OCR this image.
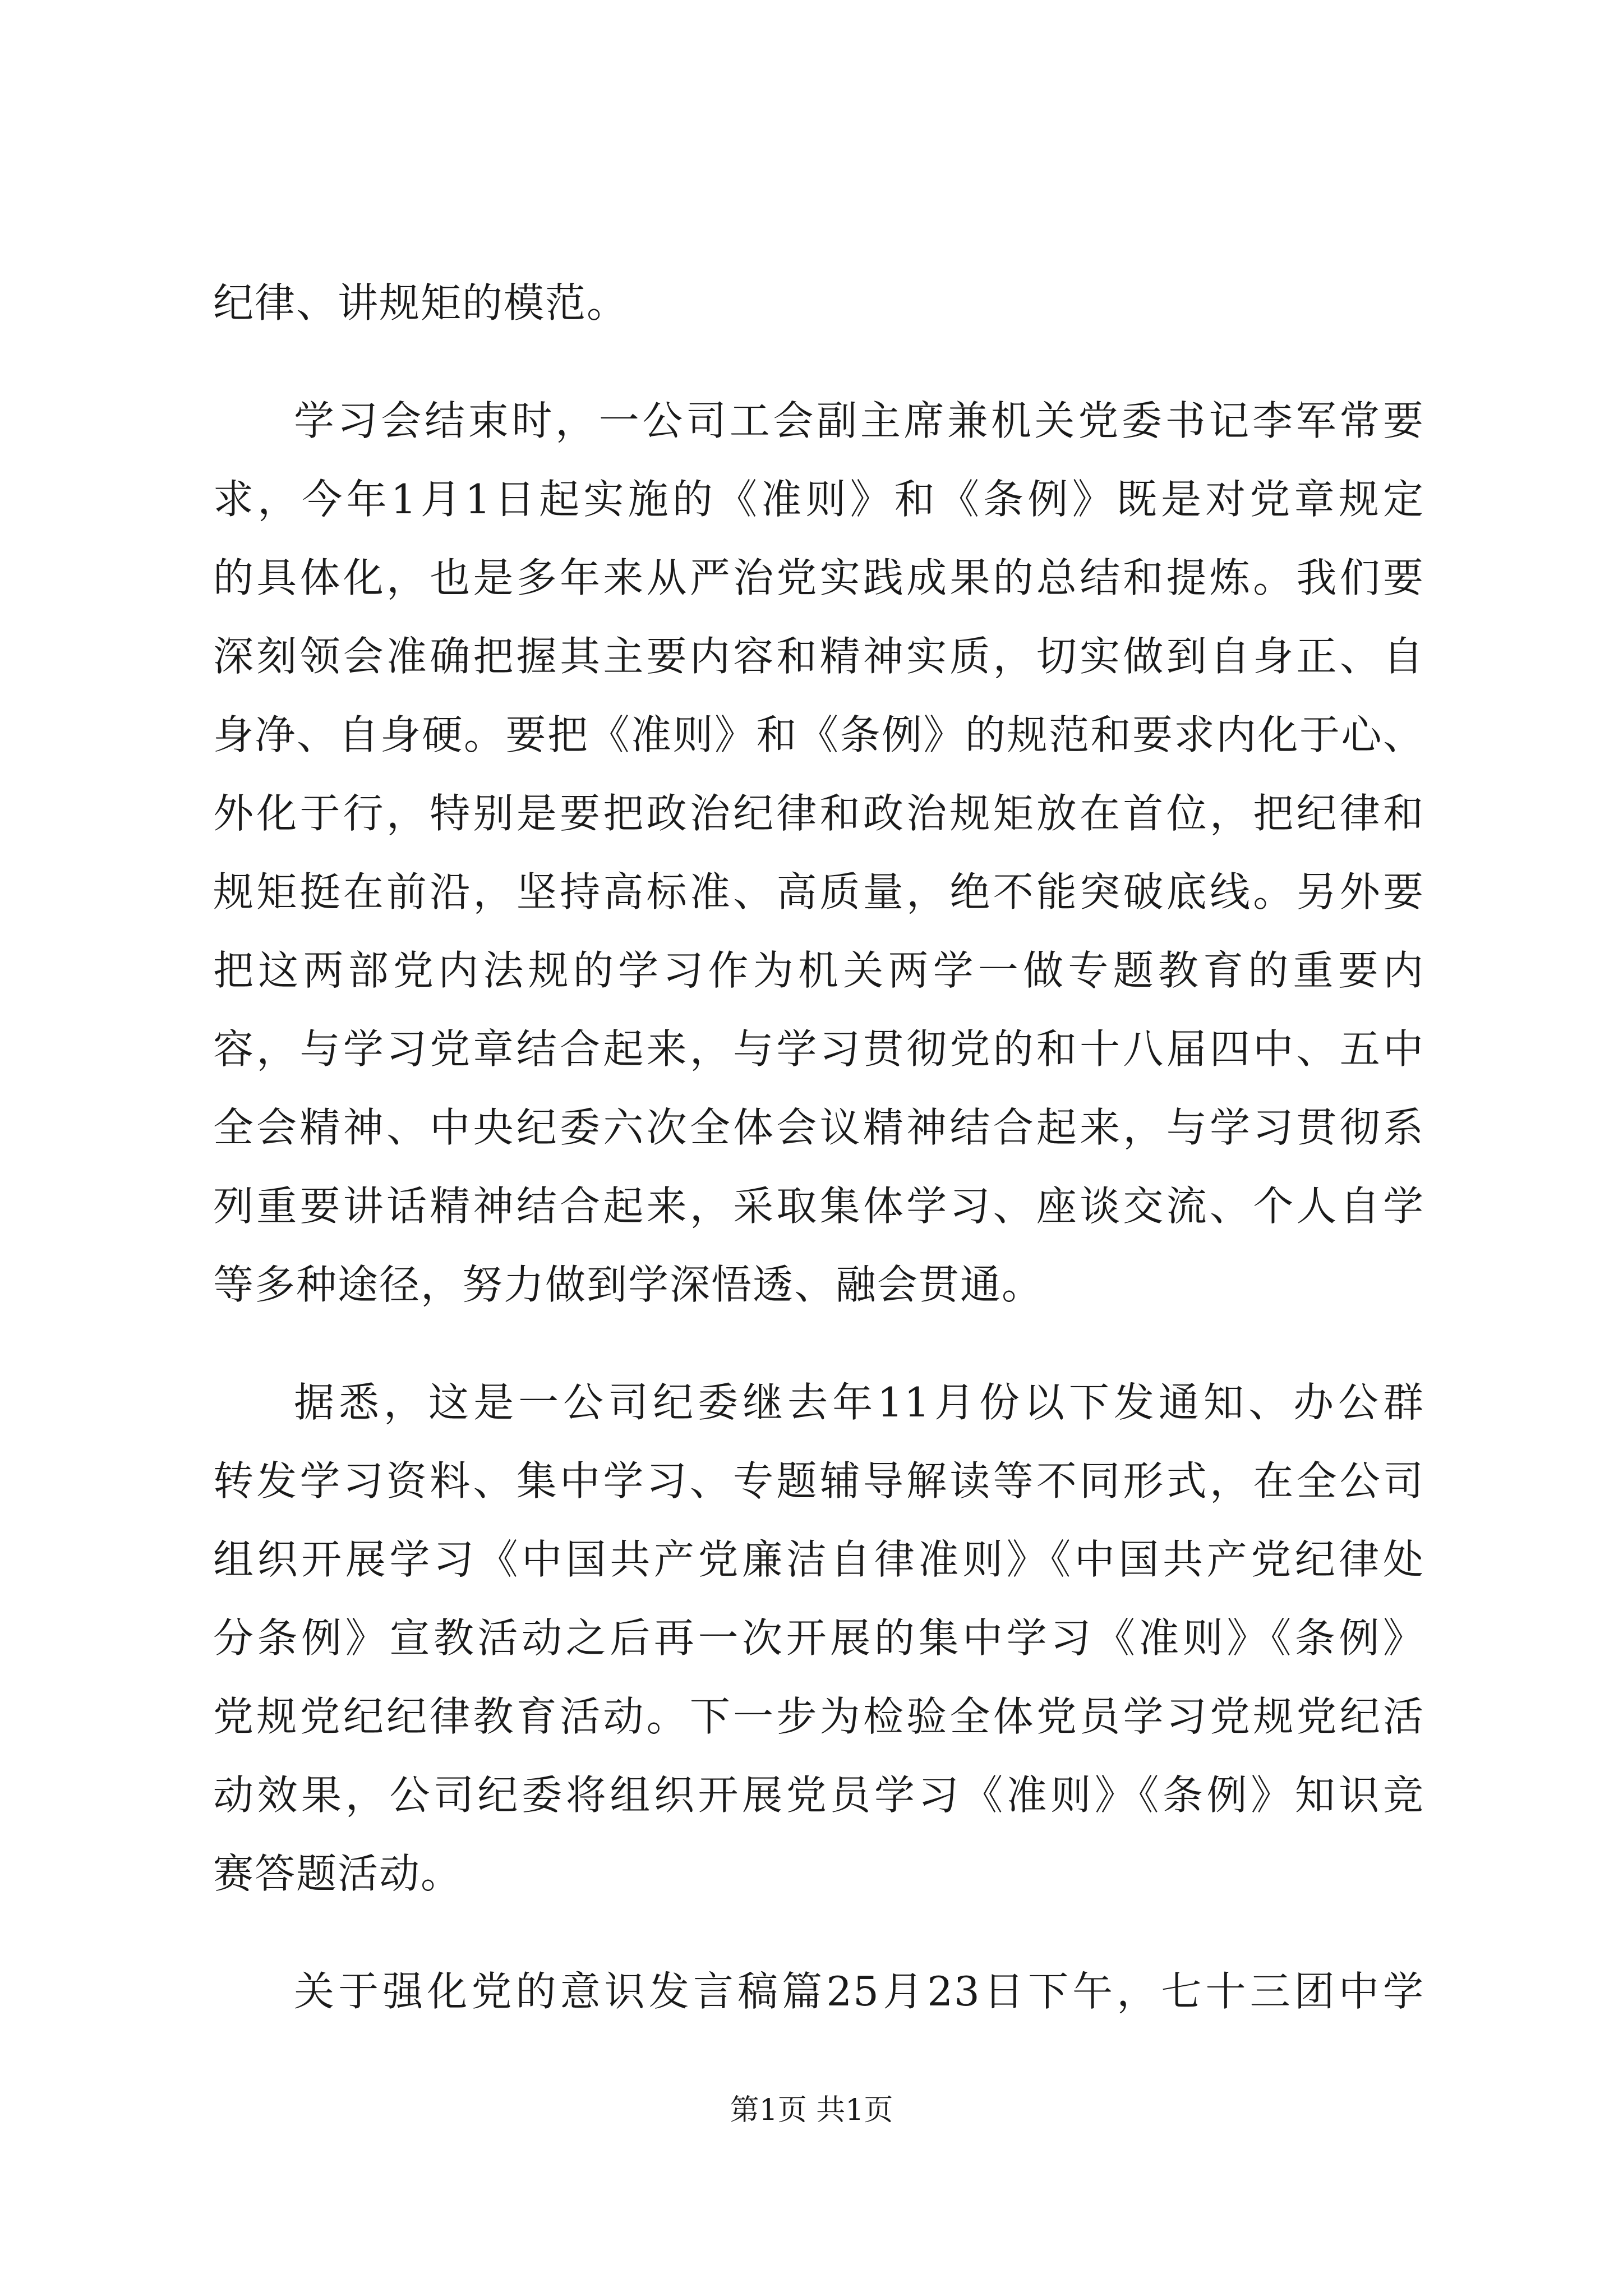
纪律、讲规矩的模范。

学习会结束时，一公司工会副主席兼机关党委书记李军常要

求，今年1月1日起实施的《准则》和《条例》既是对党章规定

的具体化，也是多年来从严治党实践成果的总结和提炼。我们要

深刻领会准确把握其主要内容和精神实质，切实做到自身正、自

身净、自身硬。要把《准则》和《条例》的规范和要求内化于心、

外化于行，特别是要把政治纪律和政治规矩放在首位，把纪律和

规矩挺在前沿，坚持高标准、高质量，绝不能突破底线。另外要

把这两部党内法规的学习作为机关两学一做专题教育的重要内

容，与学习党章结合起来，与学习贯彻党的和十八届四中、五中

全会精神、中央纪委六次全体会议精神结合起来，与学习贯彻系

列重要讲话精神结合起来，采取集体学习、座谈交流、个人自学

等多种途径，努力做到学深悟透、融会贯通。

据悉，这是一公司纪委继去年11月份以下发通知、办公群

转发学习资料、集中学习、专题辅导解读等不同形式，在全公司

组织开展学习《中国共产党廉洁自律准则》《中国共产党纪律处

分条例》宣教活动之后再一次开展的集中学习《准则》《条例》

党规党纪纪律教育活动。下一步为检验全体党员学习党规党纪活

动效果，公司纪委将组织开展党员学习《准则》《条例》知识竞

赛答题活动。

关于强化党的意识发言稿篇25月23日下午，七十三团中学

第1页 共1页
